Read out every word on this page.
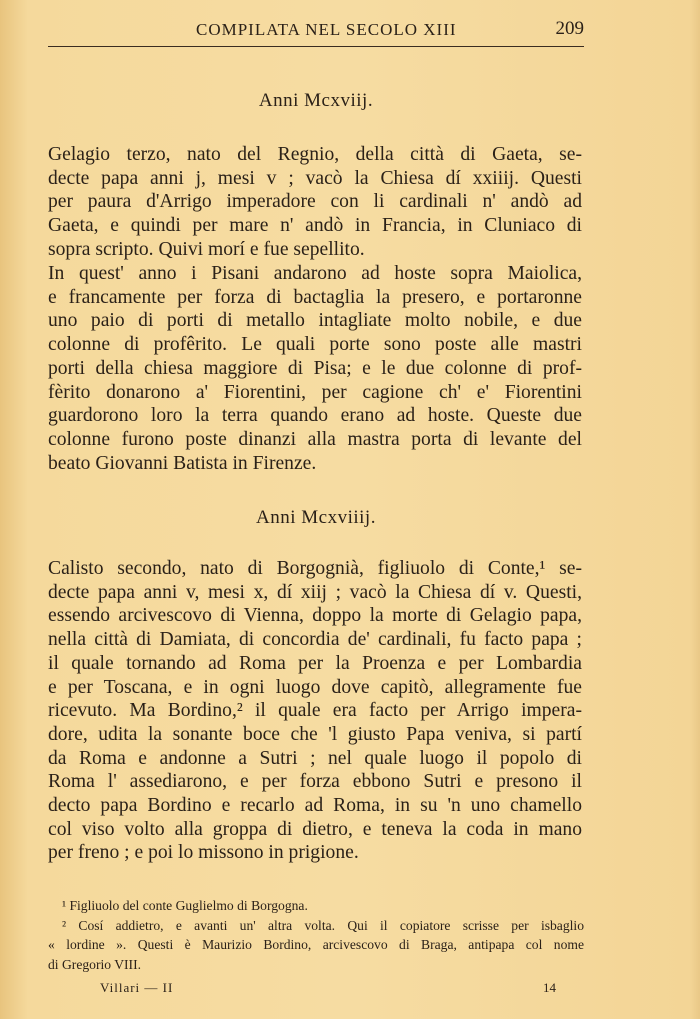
COMPILATA NEL SECOLO XIII	209
Anni Mcxviij.
Gelagio terzo, nato del Regnio, della città di Gaeta, se-
decte papa anni j, mesi v ; vacò la Chiesa dí xxiiij. Questi
per paura d'Arrigo imperadore con li cardinali n' andò ad
Gaeta, e quindi per mare n' andò in Francia, in Cluniaco di
sopra scripto. Quivi morí e fue sepellito.
In quest' anno i Pisani andarono ad hoste sopra Maiolica,
e francamente per forza di bactaglia la presero, e portaronne
uno paio di porti di metallo intagliate molto nobile, e due
colonne di profêrito. Le quali porte sono poste alle mastri
porti della chiesa maggiore di Pisa; e le due colonne di prof-
fèrito donarono a' Fiorentini, per cagione ch' e' Fiorentini
guardorono loro la terra quando erano ad hoste. Queste due
colonne furono poste dinanzi alla mastra porta di levante del
beato Giovanni Batista in Firenze.
Anni Mcxviiij.
Calisto secondo, nato di Borgognià, figliuolo di Conte,¹ se-
decte papa anni v, mesi x, dí xiij ; vacò la Chiesa dí v. Questi,
essendo arcivescovo di Vienna, doppo la morte di Gelagio papa,
nella città di Damiata, di concordia de' cardinali, fu facto papa ;
il quale tornando ad Roma per la Proenza e per Lombardia
e per Toscana, e in ogni luogo dove capitò, allegramente fue
ricevuto. Ma Bordino,² il quale era facto per Arrigo impera-
dore, udita la sonante boce che 'l giusto Papa veniva, si partí
da Roma e andonne a Sutri ; nel quale luogo il popolo di
Roma l' assediarono, e per forza ebbono Sutri e presono il
decto papa Bordino e recarlo ad Roma, in su 'n uno chamello
col viso volto alla groppa di dietro, e teneva la coda in mano
per freno ; e poi lo missono in prigione.
¹ Figliuolo del conte Guglielmo di Borgogna.
² Cosí addietro, e avanti un' altra volta. Qui il copiatore scrisse per isbaglio
« lordine ». Questi è Maurizio Bordino, arcivescovo di Braga, antipapa col nome
di Gregorio VIII.
Villari — II	14
